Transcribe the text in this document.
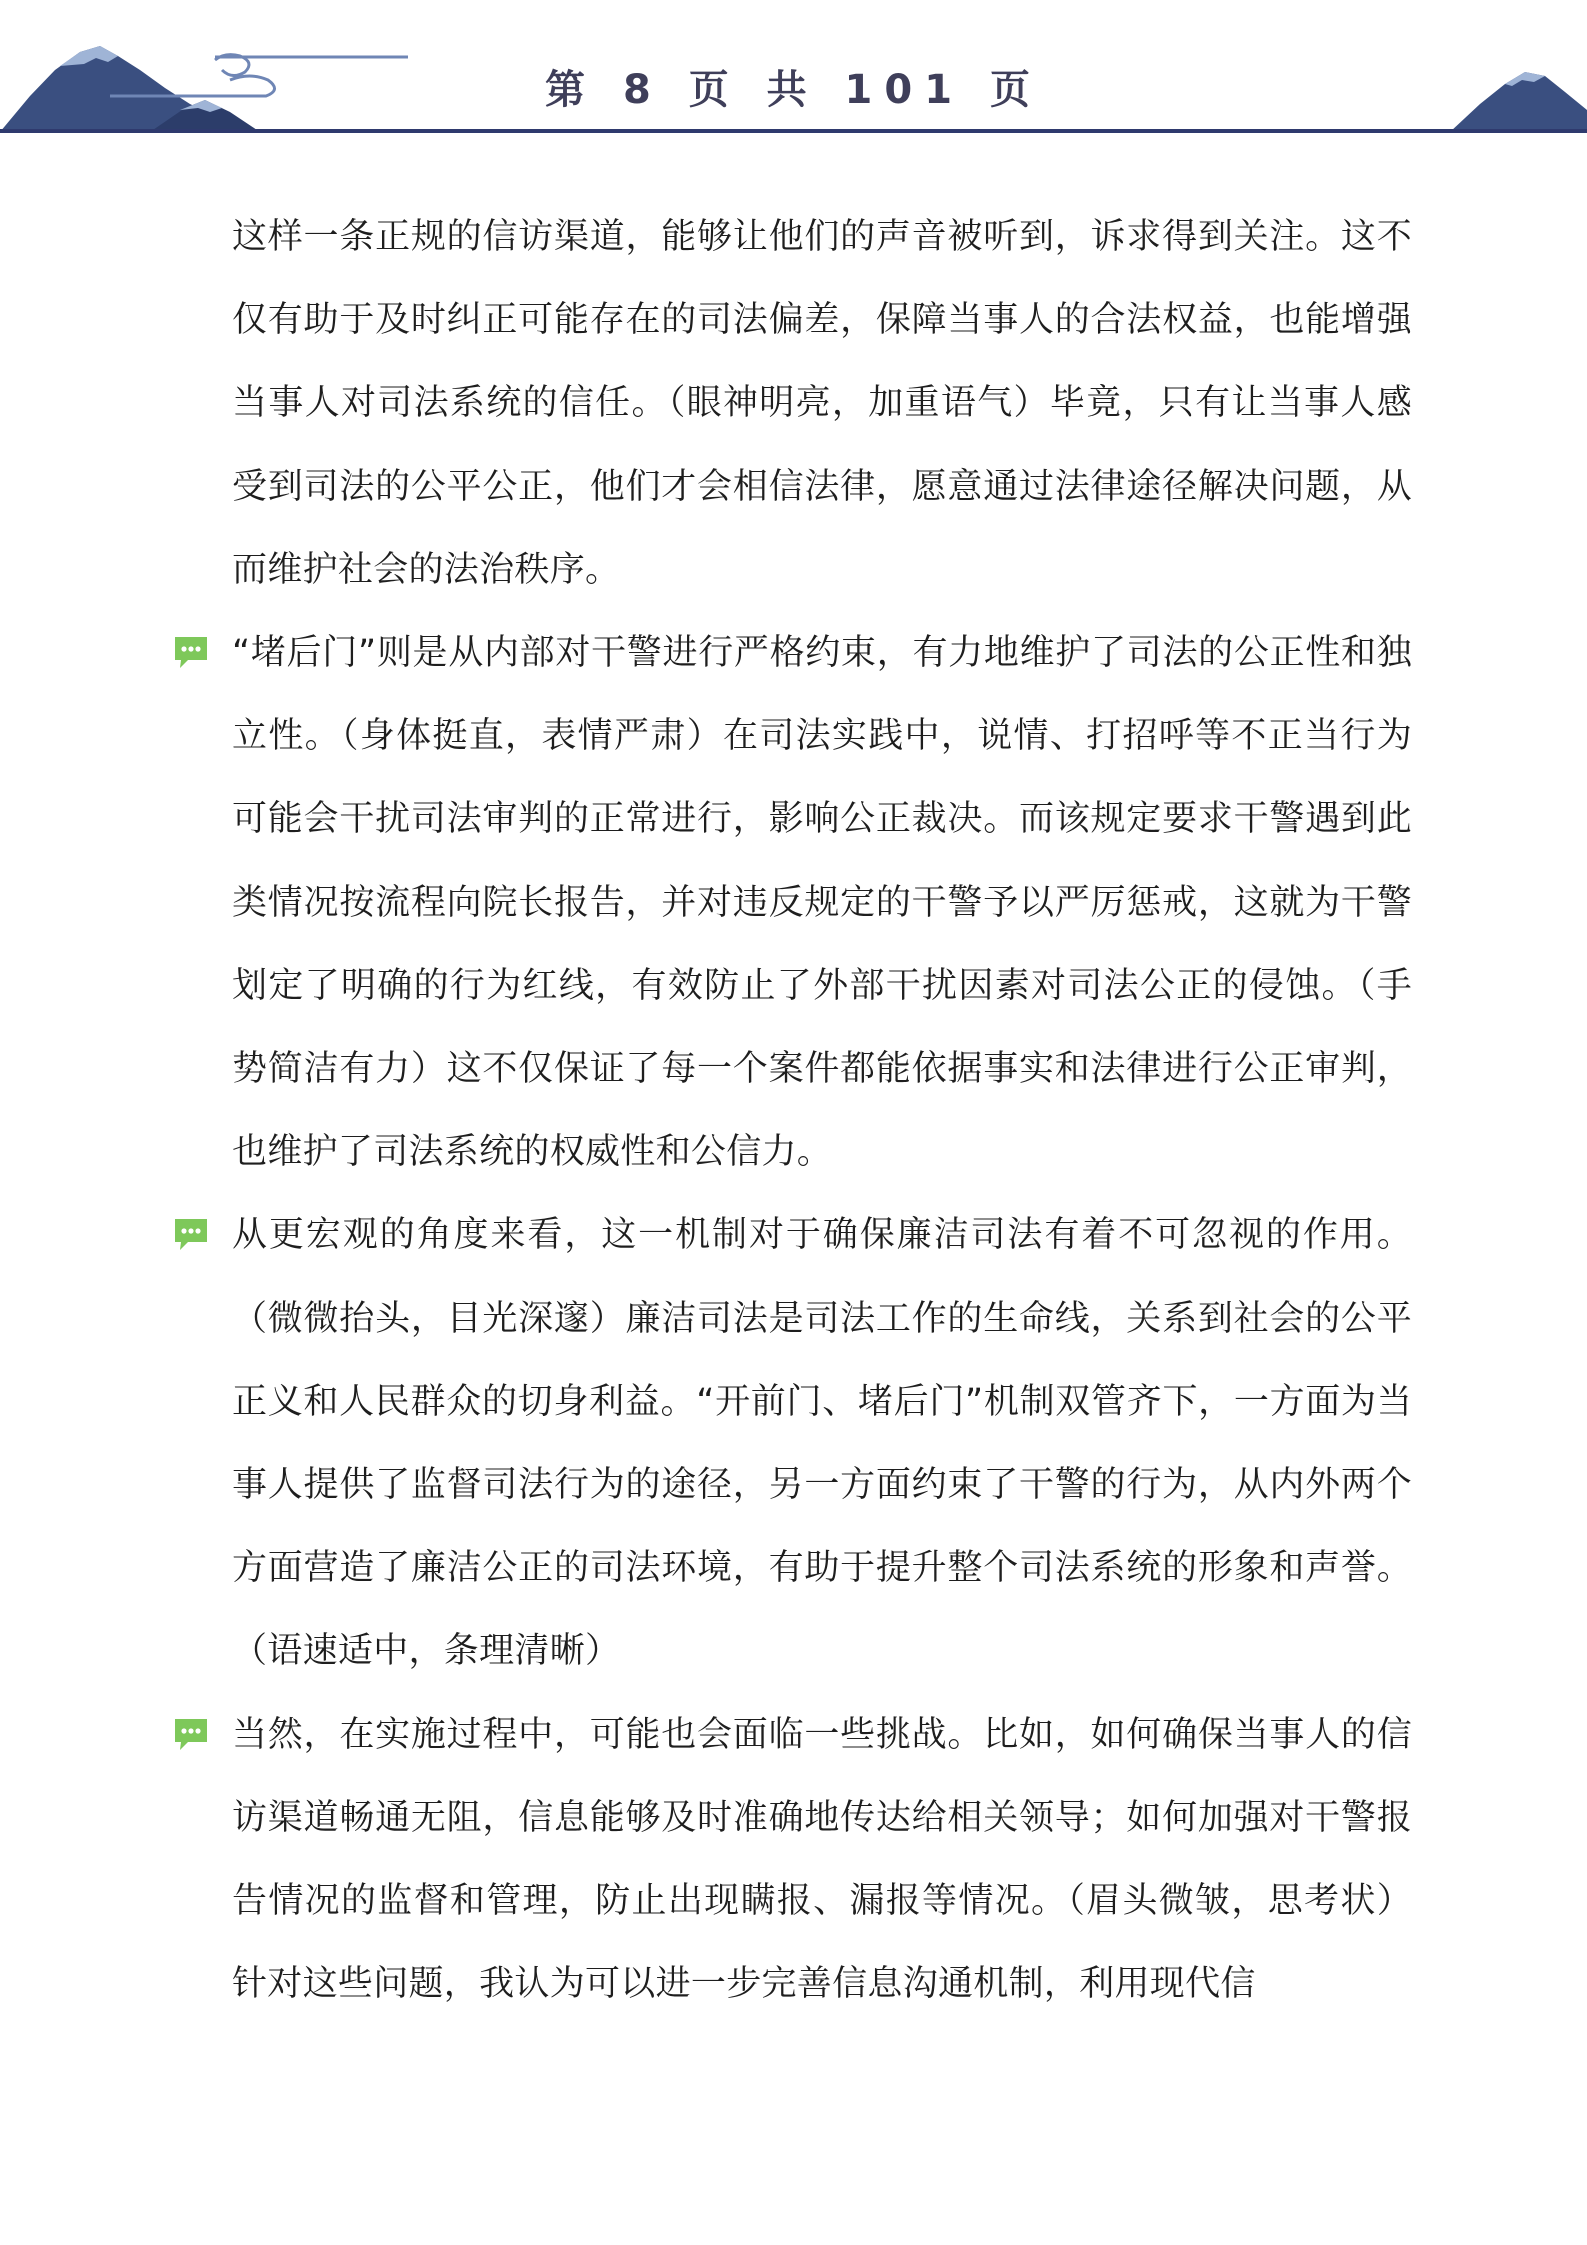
第 8 页 共 101 页

这样一条正规的信访渠道，能够让他们的声音被听到，诉求得到关注。这不仅有助于及时纠正可能存在的司法偏差，保障当事人的合法权益，也能增强当事人对司法系统的信任。（眼神明亮，加重语气）毕竟，只有让当事人感受到司法的公平公正，他们才会相信法律，愿意通过法律途径解决问题，从而维护社会的法治秩序。

“堵后门”则是从内部对干警进行严格约束，有力地维护了司法的公正性和独立性。（身体挺直，表情严肃）在司法实践中，说情、打招呼等不正当行为可能会干扰司法审判的正常进行，影响公正裁决。而该规定要求干警遇到此类情况按流程向院长报告，并对违反规定的干警予以严厉惩戒，这就为干警划定了明确的行为红线，有效防止了外部干扰因素对司法公正的侵蚀。（手势简洁有力）这不仅保证了每一个案件都能依据事实和法律进行公正审判，也维护了司法系统的权威性和公信力。

从更宏观的角度来看，这一机制对于确保廉洁司法有着不可忽视的作用。（微微抬头，目光深邃）廉洁司法是司法工作的生命线，关系到社会的公平正义和人民群众的切身利益。“开前门、堵后门”机制双管齐下，一方面为当事人提供了监督司法行为的途径，另一方面约束了干警的行为，从内外两个方面营造了廉洁公正的司法环境，有助于提升整个司法系统的形象和声誉。（语速适中，条理清晰）

当然，在实施过程中，可能也会面临一些挑战。比如，如何确保当事人的信访渠道畅通无阻，信息能够及时准确地传达给相关领导；如何加强对干警报告情况的监督和管理，防止出现瞒报、漏报等情况。（眉头微皱，思考状）针对这些问题，我认为可以进一步完善信息沟通机制，利用现代信
